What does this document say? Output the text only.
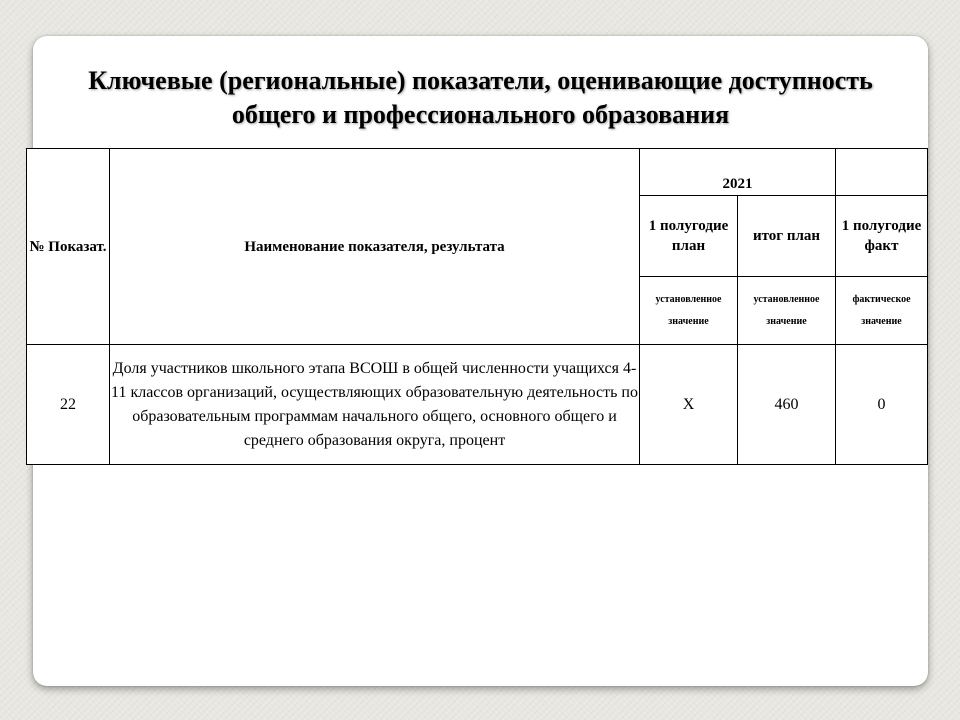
Ключевые (региональные) показатели, оценивающие доступность
общего и профессионального образования
№ Показат.	Наименование показателя, результата	2021		
		1 полугодие план	итог план	1 полугодие факт
		установленное значение	установленное значение	фактическое значение
22	Доля участников школьного этапа ВСОШ в общей численности учащихся 4-11 классов организаций, осуществляющих образовательную деятельность по образовательным программам начального общего, основного общего и среднего образования округа, процент	X	460	0
